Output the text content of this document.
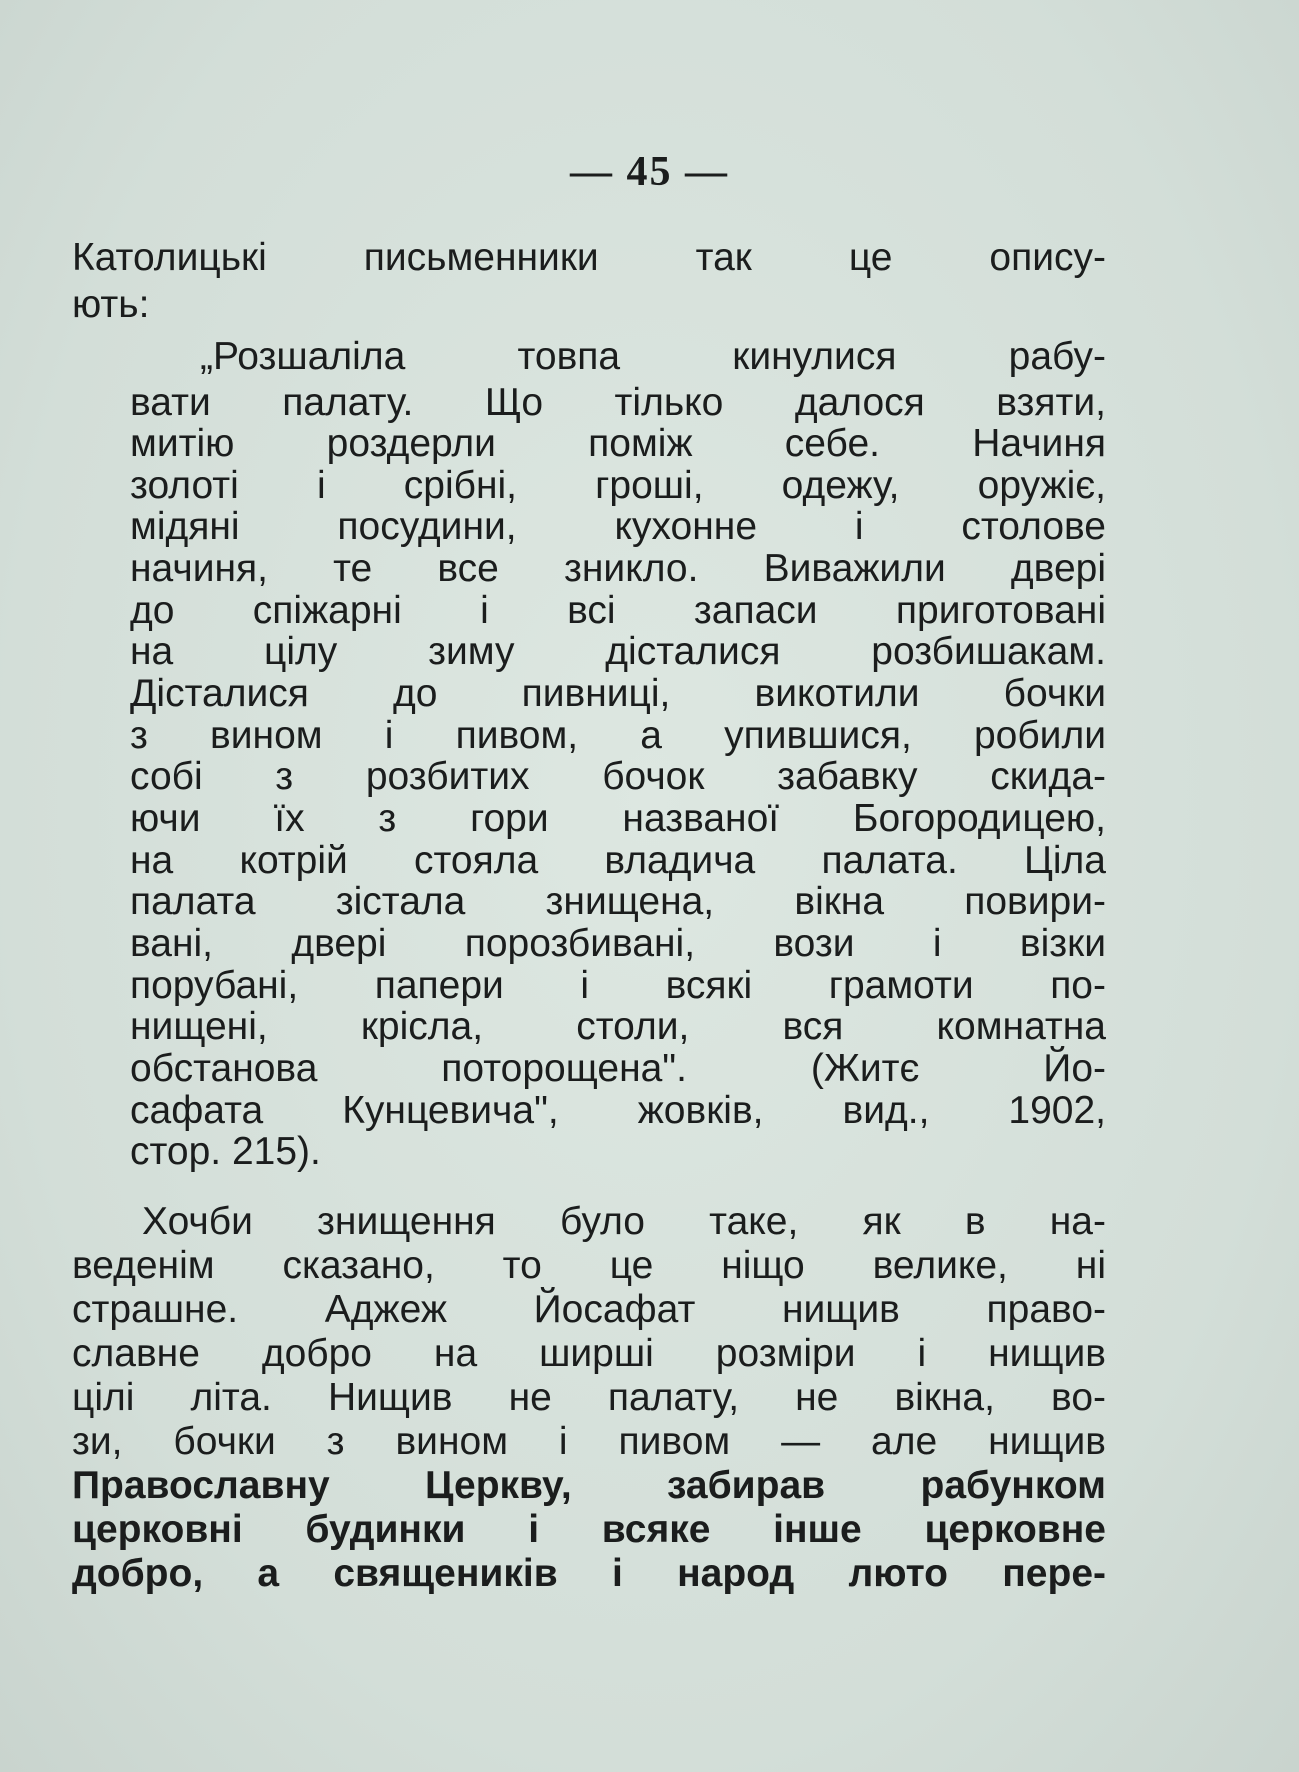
— 45 —
Католицькі письменники так це опису-
ють:
„Розшаліла товпа кинулися рабу-
вати палату. Що тілько далося взяти,
митію роздерли поміж себе. Начиня
золоті і срібні, гроші, одежу, оружіє,
мідяні посудини, кухонне і столове
начиня, те все зникло. Виважили двері
до спіжарні і всі запаси приготовані
на цілу зиму дісталися розбишакам.
Дісталися до пивниці, викотили бочки
з вином і пивом, а упившися, робили
собі з розбитих бочок забавку скида-
ючи їх з гори названої Богородицею,
на котрій стояла владича палата. Ціла
палата зістала знищена, вікна повири-
вані, двері порозбивані, вози і візки
порубані, папери і всякі грамоти по-
нищені, крісла, столи, вся комнатна
обстанова поторощена". (Житє Йо-
сафата Кунцевича", жовків, вид., 1902,
стор. 215).
Хочби знищення було таке, як в на-
веденім сказано, то це ніщо велике, ні
страшне. Аджеж Йосафат нищив право-
славне добро на ширші розміри і нищив
цілі літа. Нищив не палату, не вікна, во-
зи, бочки з вином і пивом — але нищив
Православну Церкву, забирав рабунком
церковні будинки і всяке інше церковне
добро, а священиків і народ люто пере-
